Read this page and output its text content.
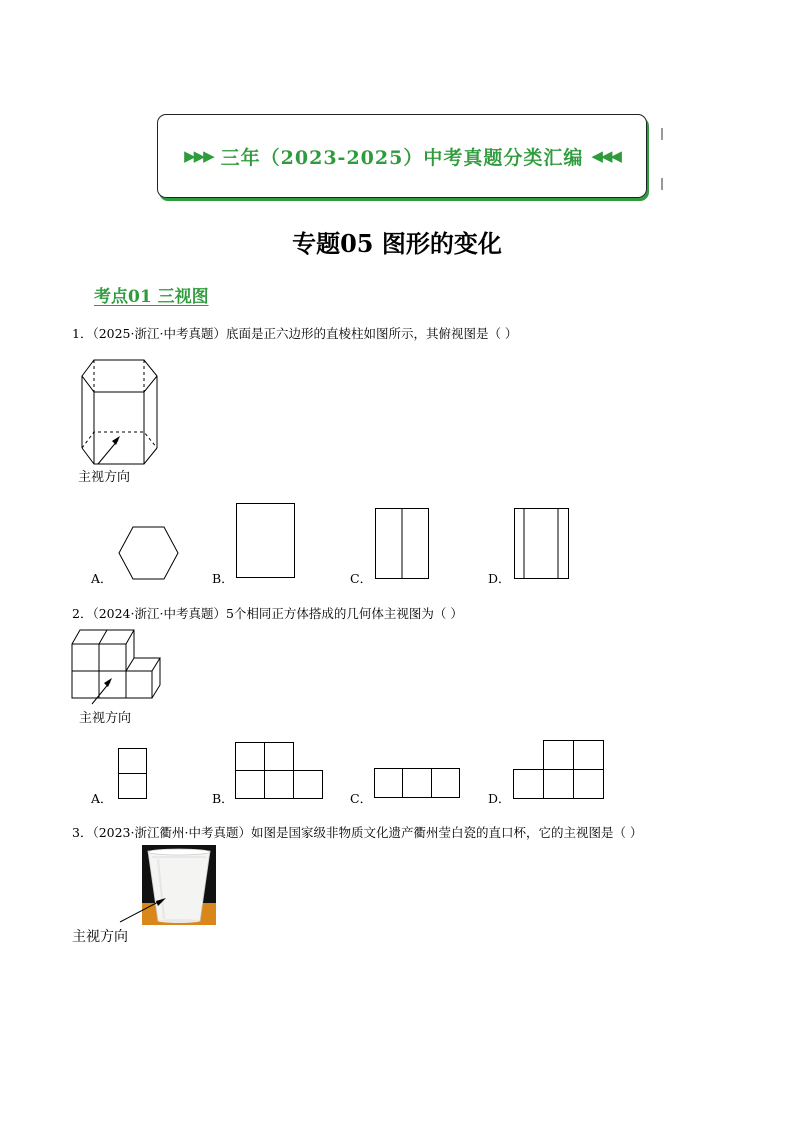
▶▶▶ 三年（2023-2025）中考真题分类汇编 ◀◀◀
专题05 图形的变化
考点01 三视图
1．（2025·浙江·中考真题）底面是正六边形的直棱柱如图所示，其俯视图是（ ）
主视方向
A．	B．	C．	D．
2．（2024·浙江·中考真题）5个相同正方体搭成的几何体主视图为（ ）
主视方向
A．	B．	C．	D．
3．（2023·浙江衢州·中考真题）如图是国家级非物质文化遗产衢州莹白瓷的直口杯，它的主视图是（ ）
主视方向
